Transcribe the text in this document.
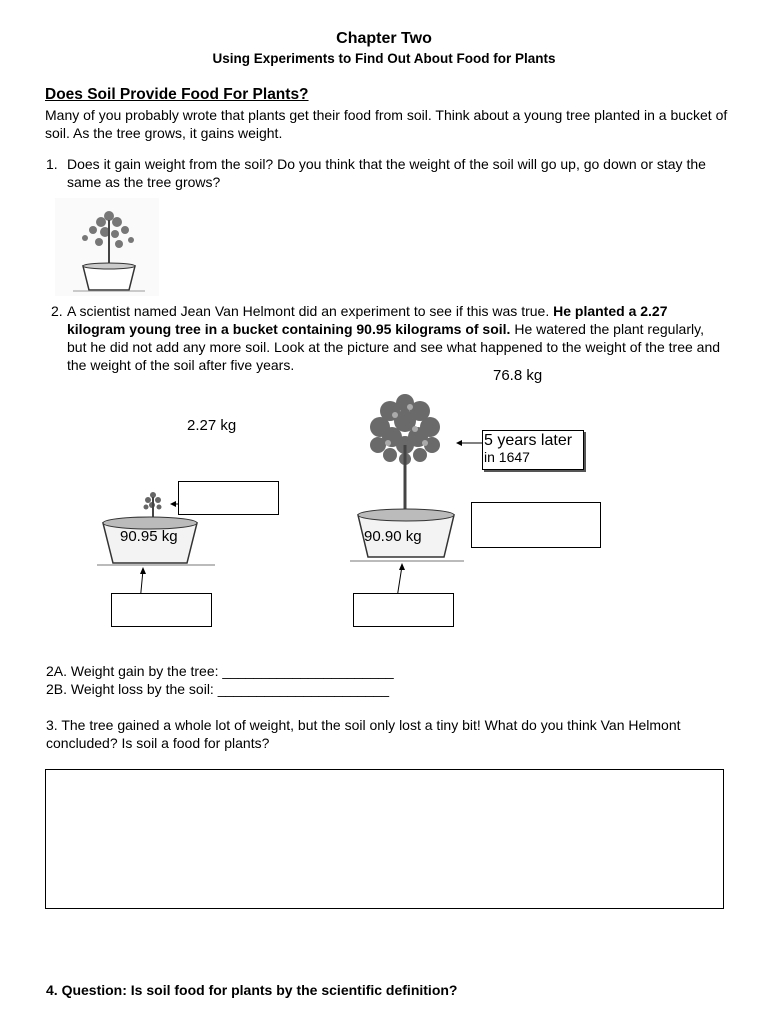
Chapter Two
Using Experiments to Find Out About Food for Plants
Does Soil Provide Food For Plants?
Many of you probably wrote that plants get their food from soil. Think about a young tree planted in a bucket of soil. As the tree grows, it gains weight.
1. Does it gain weight from the soil? Do you think that the weight of the soil will go up, go down or stay the same as the tree grows?
2. A scientist named Jean Van Helmont did an experiment to see if this was true. He planted a 2.27 kilogram young tree in a bucket containing 90.95 kilograms of soil. He watered the plant regularly, but he did not add any more soil. Look at the picture and see what happened to the weight of the tree and the weight of the soil after five years.
76.8 kg
2.27 kg
90.95 kg	90.90 kg
5 years later
in 1647
2A. Weight gain by the tree: ______________________
2B. Weight loss by the soil: ______________________
3. The tree gained a whole lot of weight, but the soil only lost a tiny bit! What do you think Van Helmont concluded? Is soil a food for plants?
4. Question: Is soil food for plants by the scientific definition?
